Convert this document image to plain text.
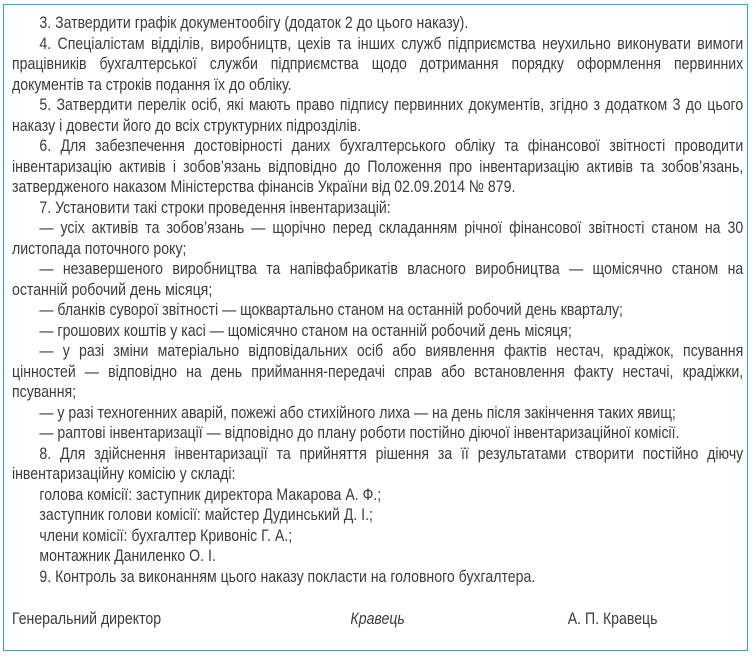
3. Затвердити графік документообігу (додаток 2 до цього наказу).

4. Спеціалістам відділів, виробництв, цехів та інших служб підприємства неухильно виконувати вимоги працівників бухгалтерської служби підприємства щодо дотримання порядку оформлення первинних документів та строків подання їх до обліку.

5. Затвердити перелік осіб, які мають право підпису первинних документів, згідно з додатком 3 до цього наказу і довести його до всіх структурних підрозділів.

6. Для забезпечення достовірності даних бухгалтерського обліку та фінансової звітності проводити інвентаризацію активів і зобов’язань відповідно до Положення про інвентаризацію активів та зобов’язань, затвердженого наказом Міністерства фінансів України від 02.09.2014 № 879.

7. Установити такі строки проведення інвентаризацій:

— усіх активів та зобов’язань — щорічно перед складанням річної фінансової звітності станом на 30 листопада поточного року;

— незавершеного виробництва та напівфабрикатів власного виробництва — щомісячно станом на останній робочий день місяця;

— бланків суворої звітності — щоквартально станом на останній робочий день кварталу;

— грошових коштів у касі — щомісячно станом на останній робочий день місяця;

— у разі зміни матеріально відповідальних осіб або виявлення фактів нестач, крадіжок, псування цінностей — відповідно на день приймання-передачі справ або встановлення факту нестачі, крадіжки, псування;

— у разі техногенних аварій, пожежі або стихійного лиха — на день після закінчення таких явищ;

— раптові інвентаризації — відповідно до плану роботи постійно діючої інвентаризаційної комісії.

8. Для здійснення інвентаризації та прийняття рішення за її результатами створити постійно діючу інвентаризаційну комісію у складі:

голова комісії: заступник директора Макарова А. Ф.;

заступник голови комісії: майстер Дудинський Д. І.;

члени комісії: бухгалтер Кривоніс Г. А.;

монтажник Даниленко О. І.

9. Контроль за виконанням цього наказу покласти на головного бухгалтера.

Генеральний директор	Кравець	А. П. Кравець
